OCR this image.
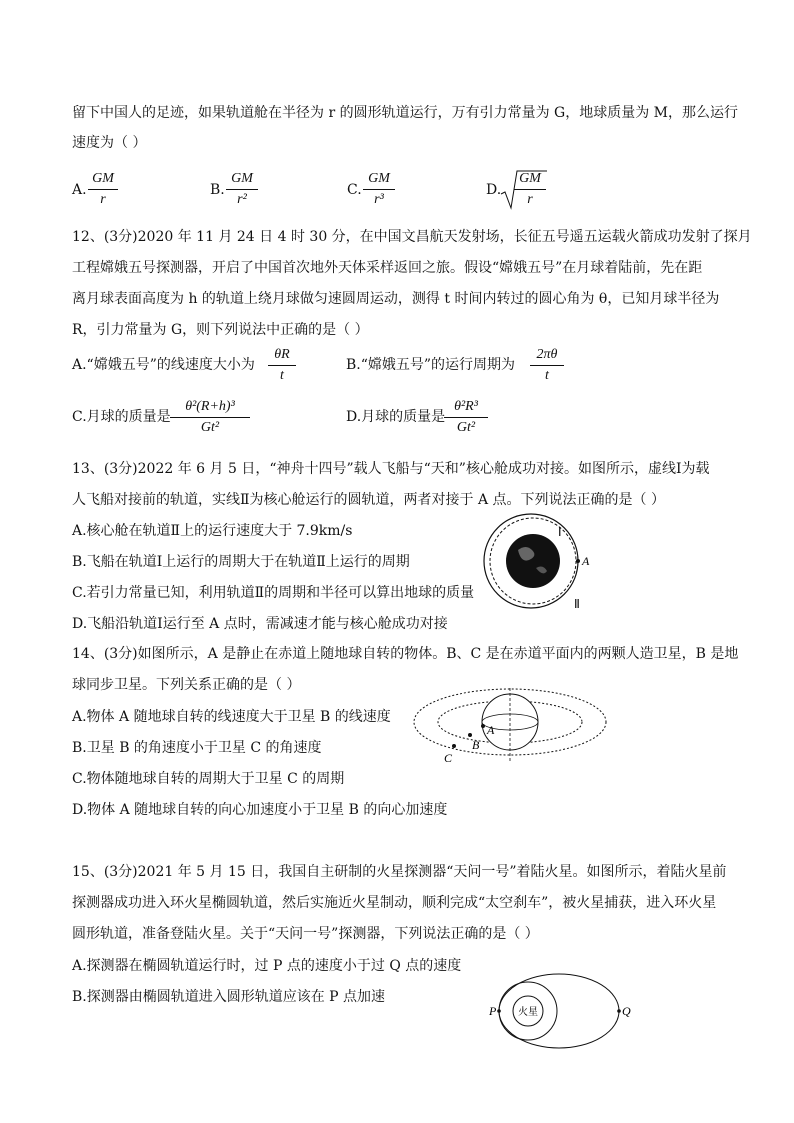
留下中国人的足迹，如果轨道舱在半径为 r 的圆形轨道运行，万有引力常量为 G，地球质量为 M，那么运行
速度为（ ）
A.
GM
r
B.
GM
r²
C.
GM
r³
D.
GM
r
12、(3分)2020 年 11 月 24 日 4 时 30 分，在中国文昌航天发射场，长征五号遥五运载火箭成功发射了探月
工程嫦娥五号探测器，开启了中国首次地外天体采样返回之旅。假设“嫦娥五号”在月球着陆前，先在距
离月球表面高度为 h 的轨道上绕月球做匀速圆周运动，测得 t 时间内转过的圆心角为 θ，已知月球半径为
R，引力常量为 G，则下列说法中正确的是（ ）
A.“嫦娥五号”的线速度大小为
θR
t
B.“嫦娥五号”的运行周期为
2πθ
t
C.月球的质量是
θ²(R+h)³
Gt²
D.月球的质量是
θ²R³
Gt²
13、(3分)2022 年 6 月 5 日，“神舟十四号”载人飞船与“天和”核心舱成功对接。如图所示，虚线Ⅰ为载
人飞船对接前的轨道，实线Ⅱ为核心舱运行的圆轨道，两者对接于 A 点。下列说法正确的是（ ）
A.核心舱在轨道Ⅱ上的运行速度大于 7.9km/s
B.飞船在轨道Ⅰ上运行的周期大于在轨道Ⅱ上运行的周期
C.若引力常量已知，利用轨道Ⅱ的周期和半径可以算出地球的质量
D.飞船沿轨道Ⅰ运行至 A 点时，需减速才能与核心舱成功对接
Ⅰ
A
Ⅱ
14、(3分)如图所示，A 是静止在赤道上随地球自转的物体。B、C 是在赤道平面内的两颗人造卫星，B 是地
球同步卫星。下列关系正确的是（ ）
A.物体 A 随地球自转的线速度大于卫星 B 的线速度
B.卫星 B 的角速度小于卫星 C 的角速度
C.物体随地球自转的周期大于卫星 C 的周期
D.物体 A 随地球自转的向心加速度小于卫星 B 的向心加速度
A
B
C
15、(3分)2021 年 5 月 15 日，我国自主研制的火星探测器“天问一号”着陆火星。如图所示，着陆火星前
探测器成功进入环火星椭圆轨道，然后实施近火星制动，顺利完成“太空刹车”，被火星捕获，进入环火星
圆形轨道，准备登陆火星。关于“天问一号”探测器，下列说法正确的是（ ）
A.探测器在椭圆轨道运行时，过 P 点的速度小于过 Q 点的速度
B.探测器由椭圆轨道进入圆形轨道应该在 P 点加速
火星
P	Q
